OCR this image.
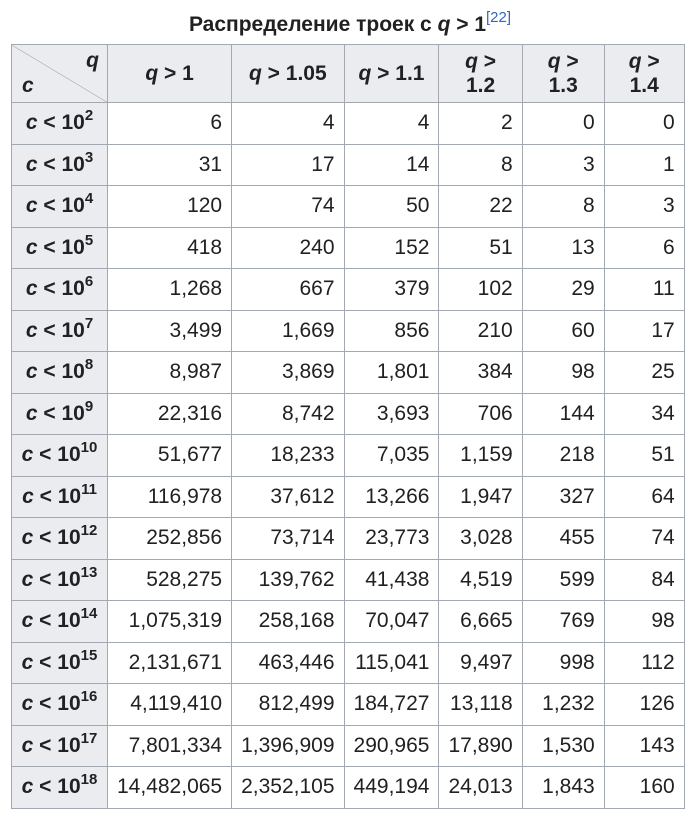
Распределение троек с q > 1[22]
q
c	q > 1	q > 1.05	q > 1.1	q > 1.2	q > 1.3	q > 1.4
$c < 10^2$	6	4	4	2	0	0
$c < 10^3$	31	17	14	8	3	1
$c < 10^4$	120	74	50	22	8	3
$c < 10^5$	418	240	152	51	13	6
$c < 10^6$	1,268	667	379	102	29	11
$c < 10^7$	3,499	1,669	856	210	60	17
$c < 10^8$	8,987	3,869	1,801	384	98	25
$c < 10^9$	22,316	8,742	3,693	706	144	34
$c < 10^{10}$	51,677	18,233	7,035	1,159	218	51
$c < 10^{11}$	116,978	37,612	13,266	1,947	327	64
$c < 10^{12}$	252,856	73,714	23,773	3,028	455	74
$c < 10^{13}$	528,275	139,762	41,438	4,519	599	84
$c < 10^{14}$	1,075,319	258,168	70,047	6,665	769	98
$c < 10^{15}$	2,131,671	463,446	115,041	9,497	998	112
$c < 10^{16}$	4,119,410	812,499	184,727	13,118	1,232	126
$c < 10^{17}$	7,801,334	1,396,909	290,965	17,890	1,530	143
$c < 10^{18}$	14,482,065	2,352,105	449,194	24,013	1,843	160
